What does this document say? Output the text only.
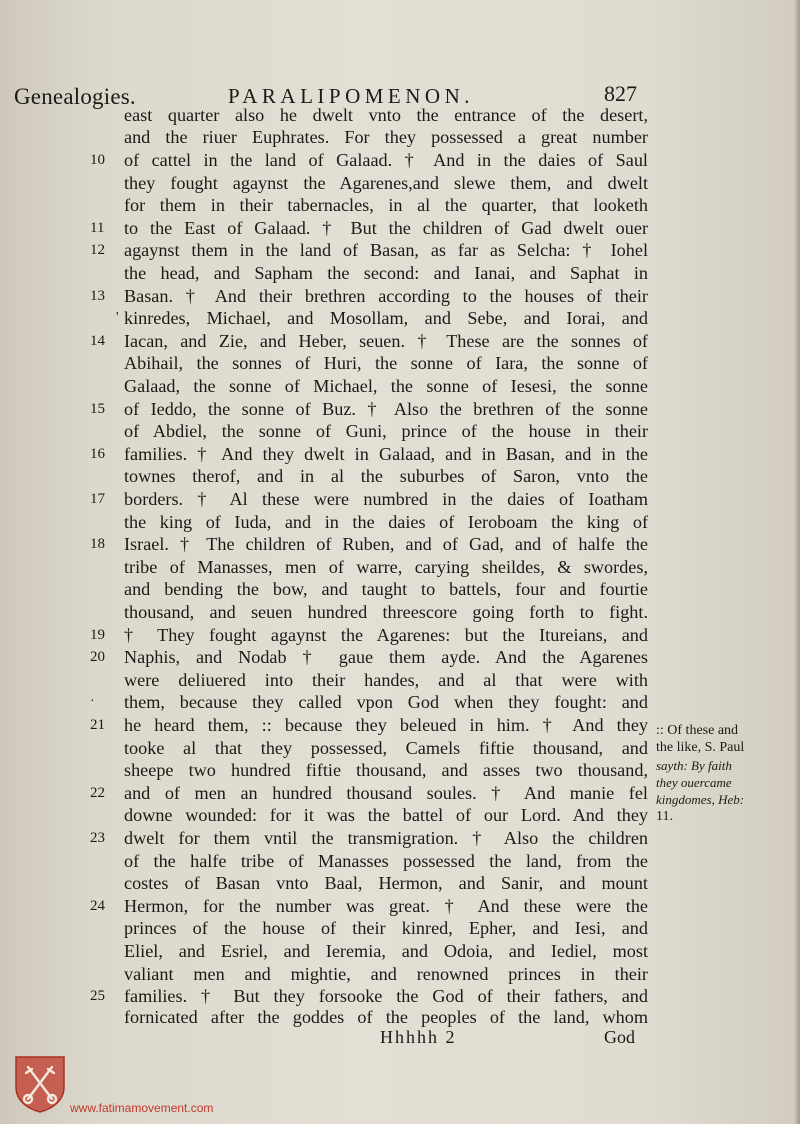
Genealogies.	PARALIPOMENON.	827
east quarter also he dwelt vnto the entrance of the desert,
and the riuer Euphrates. For they possessed a great number
of cattel in the land of Galaad. † And in the daies of Saul
they fought agaynst the Agarenes,and slewe them, and dwelt
for them in their tabernacles, in al the quarter, that looketh
to the East of Galaad. † But the children of Gad dwelt ouer
agaynst them in the land of Basan, as far as Selcha: † Iohel
the head, and Sapham the second: and Ianai, and Saphat in
Basan. † And their brethren according to the houses of their
kinredes, Michael, and Mosollam, and Sebe, and Iorai, and
Iacan, and Zie, and Heber, seuen. † These are the sonnes of
Abihail, the sonnes of Huri, the sonne of Iara, the sonne of
Galaad, the sonne of Michael, the sonne of Iesesi, the sonne
of Ieddo, the sonne of Buz. † Also the brethren of the sonne
of Abdiel, the sonne of Guni, prince of the house in their
families. † And they dwelt in Galaad, and in Basan, and in the
townes therof, and in al the suburbes of Saron, vnto the
borders. † Al these were numbred in the daies of Ioatham
the king of Iuda, and in the daies of Ieroboam the king of
Israel. † The children of Ruben, and of Gad, and of halfe the
tribe of Manasses, men of warre, carying sheildes, & swordes,
and bending the bow, and taught to battels, four and fourtie
thousand, and seuen hundred threescore going forth to fight.
† They fought agaynst the Agarenes: but the Itureians, and
Naphis, and Nodab † gaue them ayde. And the Agarenes
were deliuered into their handes, and al that were with
them, because they called vpon God when they fought: and
he heard them, :: because they beleued in him. † And they
tooke al that they possessed, Camels fiftie thousand, and
sheepe two hundred fiftie thousand, and asses two thousand,
and of men an hundred thousand soules. † And manie fel
downe wounded: for it was the battel of our Lord. And they
dwelt for them vntil the transmigration. † Also the children
of the halfe tribe of Manasses possessed the land, from the
costes of Basan vnto Baal, Hermon, and Sanir, and mount
Hermon, for the number was great. † And these were the
princes of the house of their kinred, Epher, and Iesi, and
Eliel, and Esriel, and Ieremia, and Odoia, and Iediel, most
valiant men and mightie, and renowned princes in their
families. † But they forsooke the God of their fathers, and
fornicated after the goddes of the peoples of the land, whom
10
11
12
13
14
15
16
17
18
19
20
21
22
23
24
25
'
·
:: Of these and
the like, S. Paul
sayth: By faith
they ouercame
kingdomes, Heb:
11.
Hhhhh 2	God
www.fatimamovement.com
